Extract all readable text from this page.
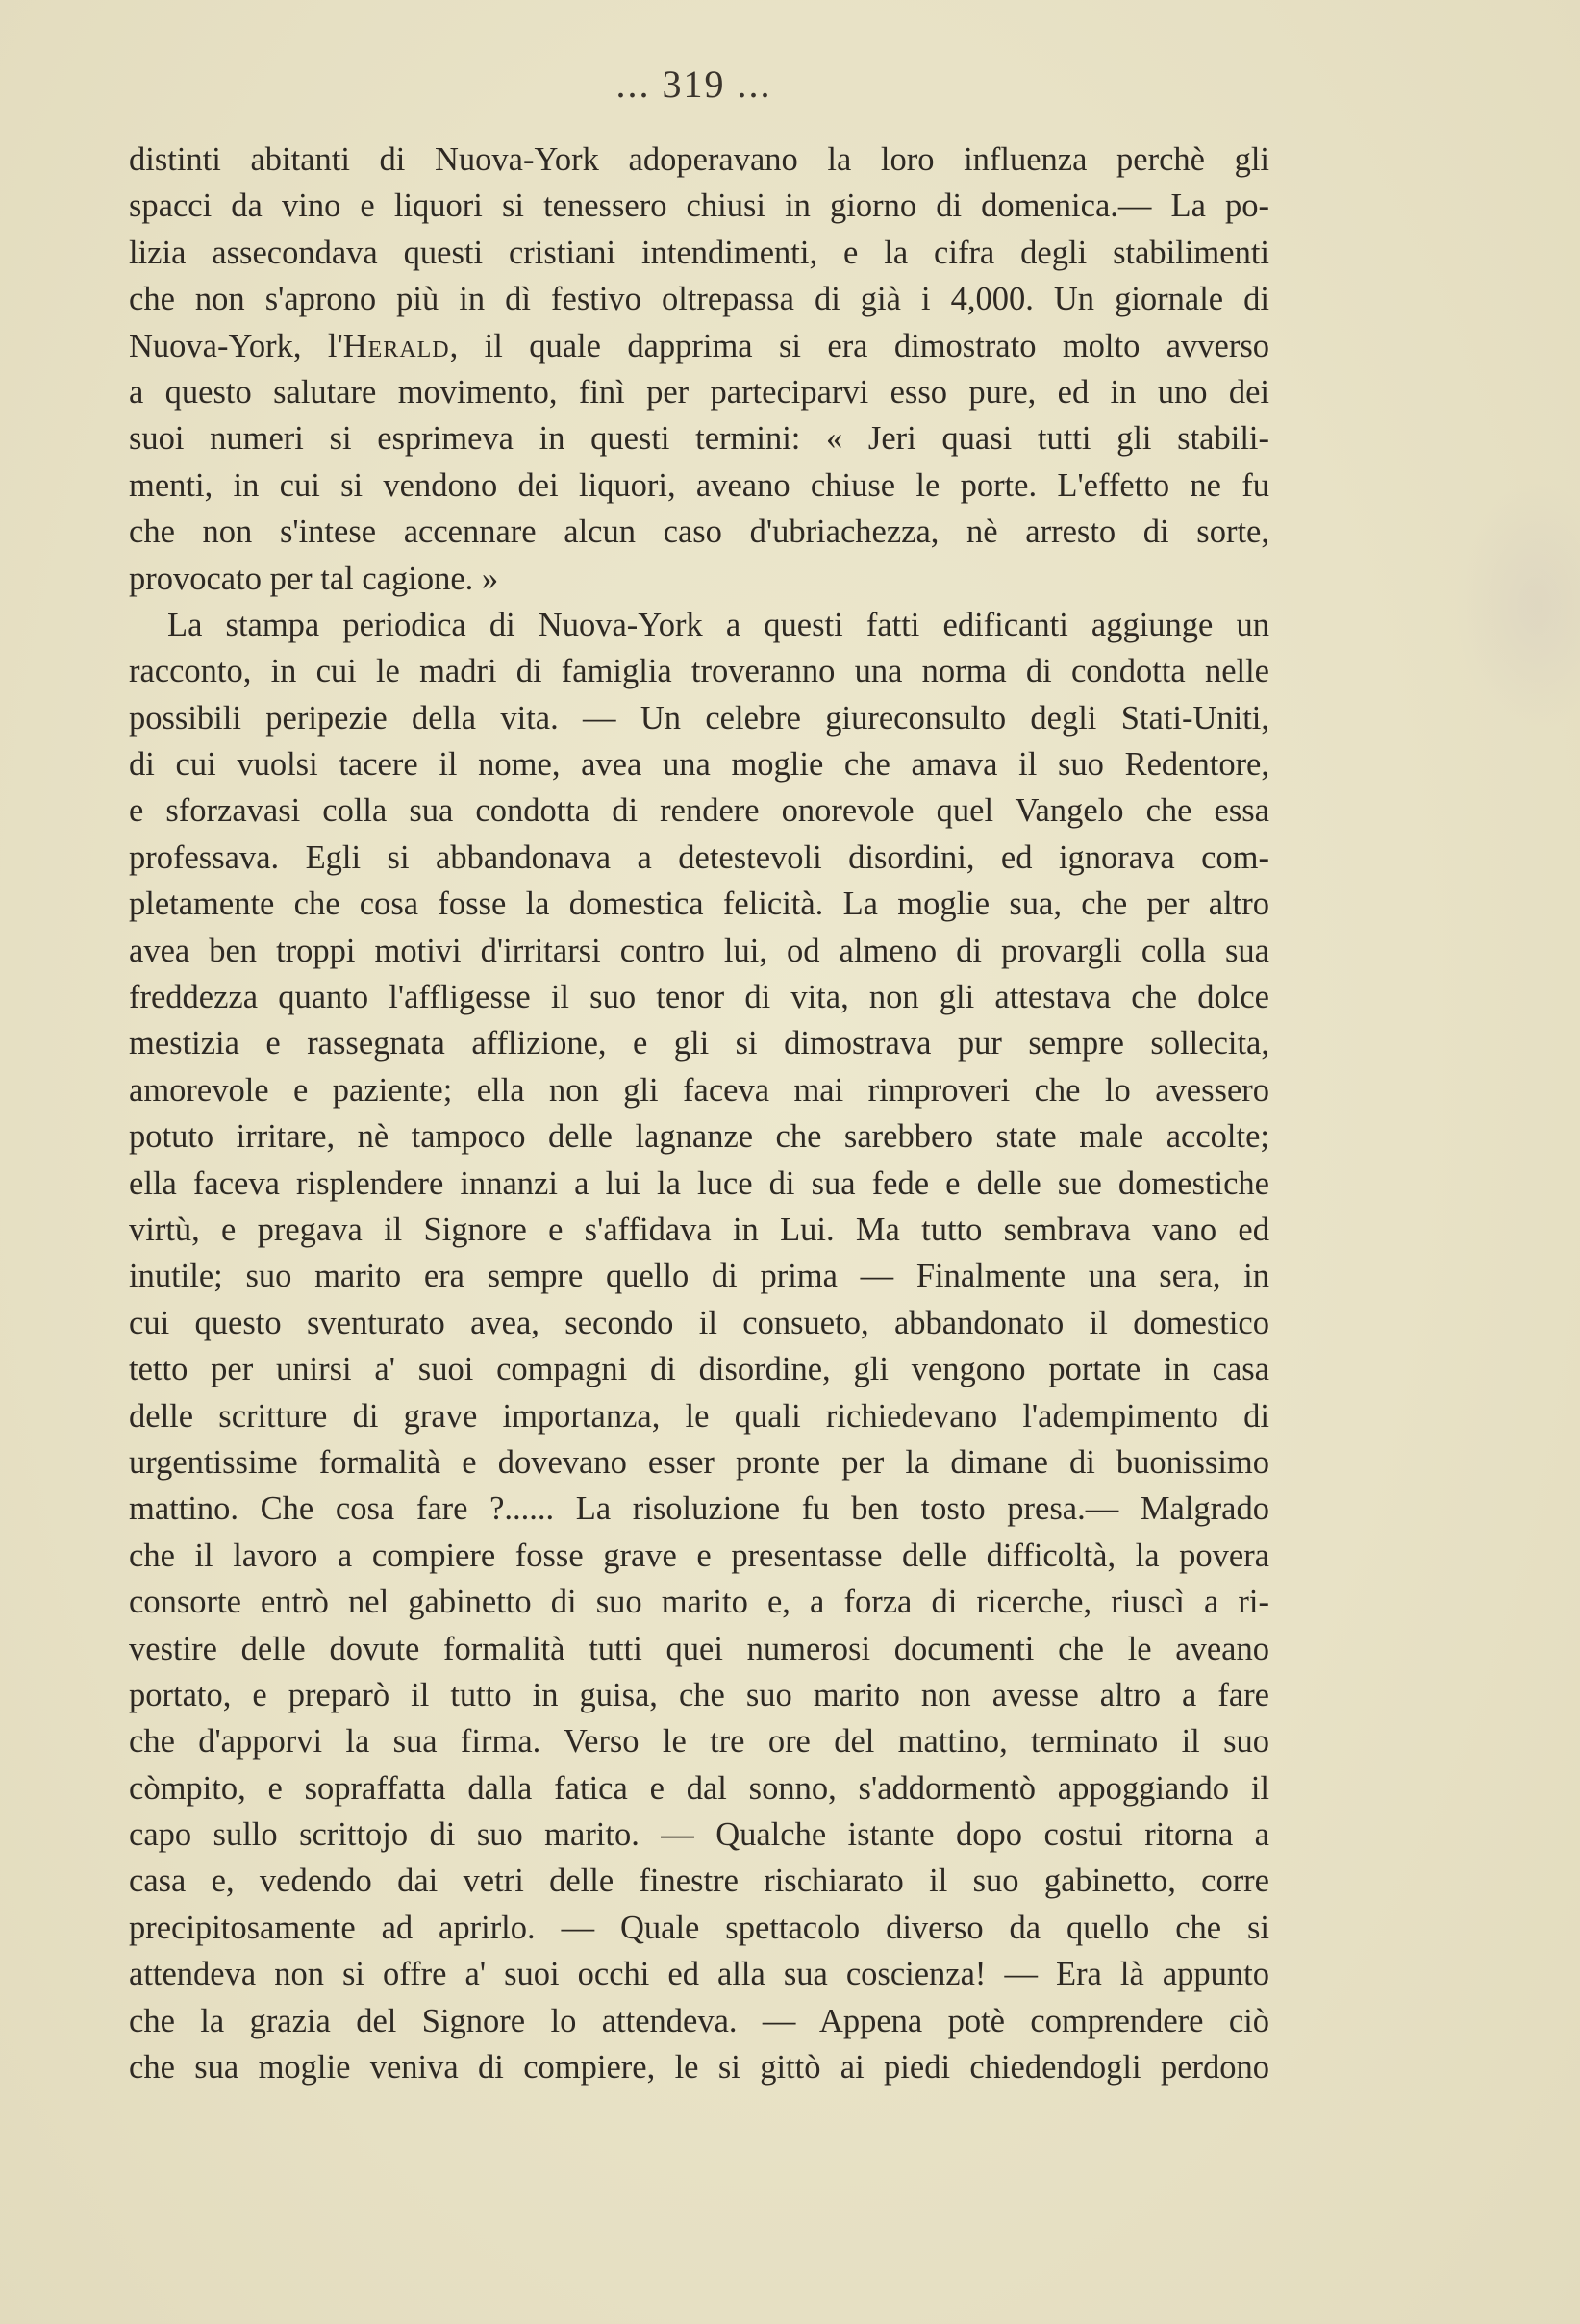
... 319 ...
distinti abitanti di Nuova-York adoperavano la loro influenza perchè gli
spacci da vino e liquori si tenessero chiusi in giorno di domenica.— La po-
lizia assecondava questi cristiani intendimenti, e la cifra degli stabilimenti
che non s'aprono più in dì festivo oltrepassa di già i 4,000. Un giornale di
Nuova-York, l'Herald, il quale dapprima si era dimostrato molto avverso
a questo salutare movimento, finì per parteciparvi esso pure, ed in uno dei
suoi numeri si esprimeva in questi termini: « Jeri quasi tutti gli stabili-
menti, in cui si vendono dei liquori, aveano chiuse le porte. L'effetto ne fu
che non s'intese accennare alcun caso d'ubriachezza, nè arresto di sorte,
provocato per tal cagione. »
La stampa periodica di Nuova-York a questi fatti edificanti aggiunge un
racconto, in cui le madri di famiglia troveranno una norma di condotta nelle
possibili peripezie della vita. — Un celebre giureconsulto degli Stati-Uniti,
di cui vuolsi tacere il nome, avea una moglie che amava il suo Redentore,
e sforzavasi colla sua condotta di rendere onorevole quel Vangelo che essa
professava. Egli si abbandonava a detestevoli disordini, ed ignorava com-
pletamente che cosa fosse la domestica felicità. La moglie sua, che per altro
avea ben troppi motivi d'irritarsi contro lui, od almeno di provargli colla sua
freddezza quanto l'affligesse il suo tenor di vita, non gli attestava che dolce
mestizia e rassegnata afflizione, e gli si dimostrava pur sempre sollecita,
amorevole e paziente; ella non gli faceva mai rimproveri che lo avessero
potuto irritare, nè tampoco delle lagnanze che sarebbero state male accolte;
ella faceva risplendere innanzi a lui la luce di sua fede e delle sue domestiche
virtù, e pregava il Signore e s'affidava in Lui. Ma tutto sembrava vano ed
inutile; suo marito era sempre quello di prima — Finalmente una sera, in
cui questo sventurato avea, secondo il consueto, abbandonato il domestico
tetto per unirsi a' suoi compagni di disordine, gli vengono portate in casa
delle scritture di grave importanza, le quali richiedevano l'adempimento di
urgentissime formalità e dovevano esser pronte per la dimane di buonissimo
mattino. Che cosa fare ?...... La risoluzione fu ben tosto presa.— Malgrado
che il lavoro a compiere fosse grave e presentasse delle difficoltà, la povera
consorte entrò nel gabinetto di suo marito e, a forza di ricerche, riuscì a ri-
vestire delle dovute formalità tutti quei numerosi documenti che le aveano
portato, e preparò il tutto in guisa, che suo marito non avesse altro a fare
che d'apporvi la sua firma. Verso le tre ore del mattino, terminato il suo
còmpito, e sopraffatta dalla fatica e dal sonno, s'addormentò appoggiando il
capo sullo scrittojo di suo marito. — Qualche istante dopo costui ritorna a
casa e, vedendo dai vetri delle finestre rischiarato il suo gabinetto, corre
precipitosamente ad aprirlo. — Quale spettacolo diverso da quello che si
attendeva non si offre a' suoi occhi ed alla sua coscienza! — Era là appunto
che la grazia del Signore lo attendeva. — Appena potè comprendere ciò
che sua moglie veniva di compiere, le si gittò ai piedi chiedendogli perdono
